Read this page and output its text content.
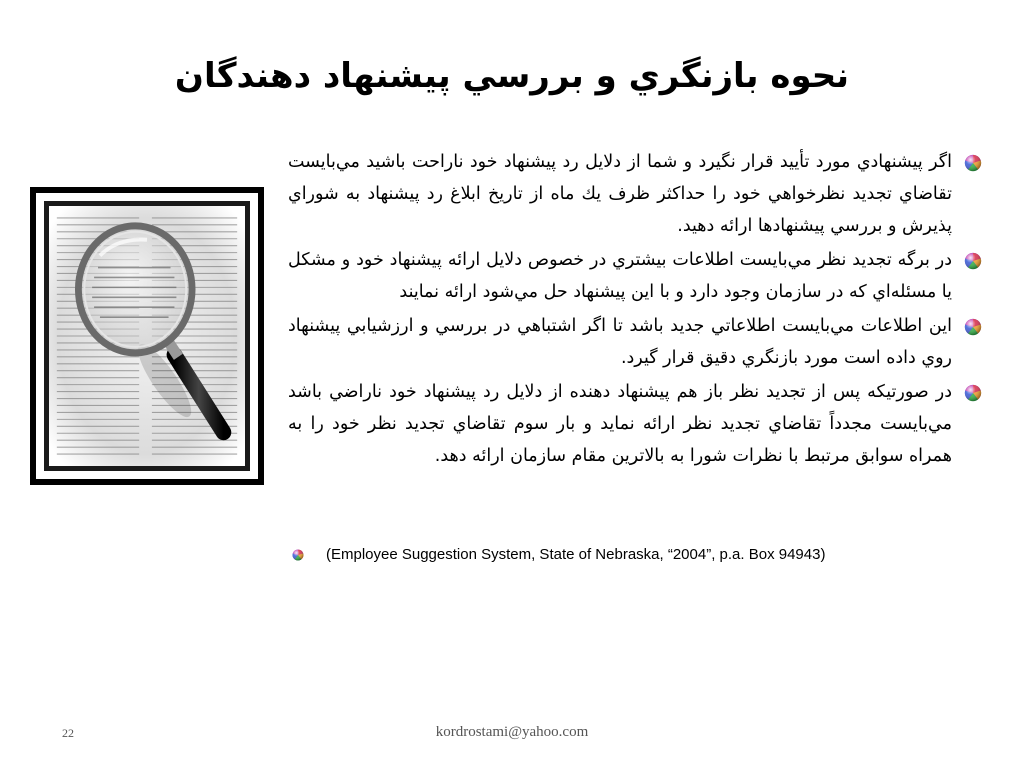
نحوه بازنگري و بررسي پيشنهاد دهندگان

اگر پيشنهادي مورد تأييد قرار نگيرد و شما از دلايل رد پيشنهاد خود ناراحت باشيد مي‌بايست تقاضاي تجديد نظرخواهي خود را حداكثر ظرف يك ماه از تاريخ ابلاغ رد پيشنهاد به شوراي پذيرش و بررسي پيشنهادها ارائه دهيد.

در برگه تجديد نظر مي‌بايست اطلاعات بيشتري در خصوص دلايل ارائه پيشنهاد خود و مشكل يا مسئله‌اي كه در سازمان وجود دارد و با اين پيشنهاد حل مي‌شود ارائه نمايند

اين اطلاعات مي‌بايست اطلاعاتي جديد باشد تا اگر اشتباهي در بررسي و ارزشيابي پيشنهاد روي داده است مورد بازنگري دقيق قرار گيرد.

در صورتيكه پس از تجديد نظر باز هم پيشنهاد دهنده از دلايل رد پيشنهاد خود ناراضي باشد مي‌بايست مجدداً تقاضاي تجديد نظر ارائه نمايد و بار سوم تقاضاي تجديد نظر خود را به همراه سوابق مرتبط با نظرات شورا به بالاترين مقام سازمان ارائه دهد.

(Employee Suggestion System, State of Nebraska, “2004”, p.a. Box 94943)
22	kordrostami@yahoo.com
